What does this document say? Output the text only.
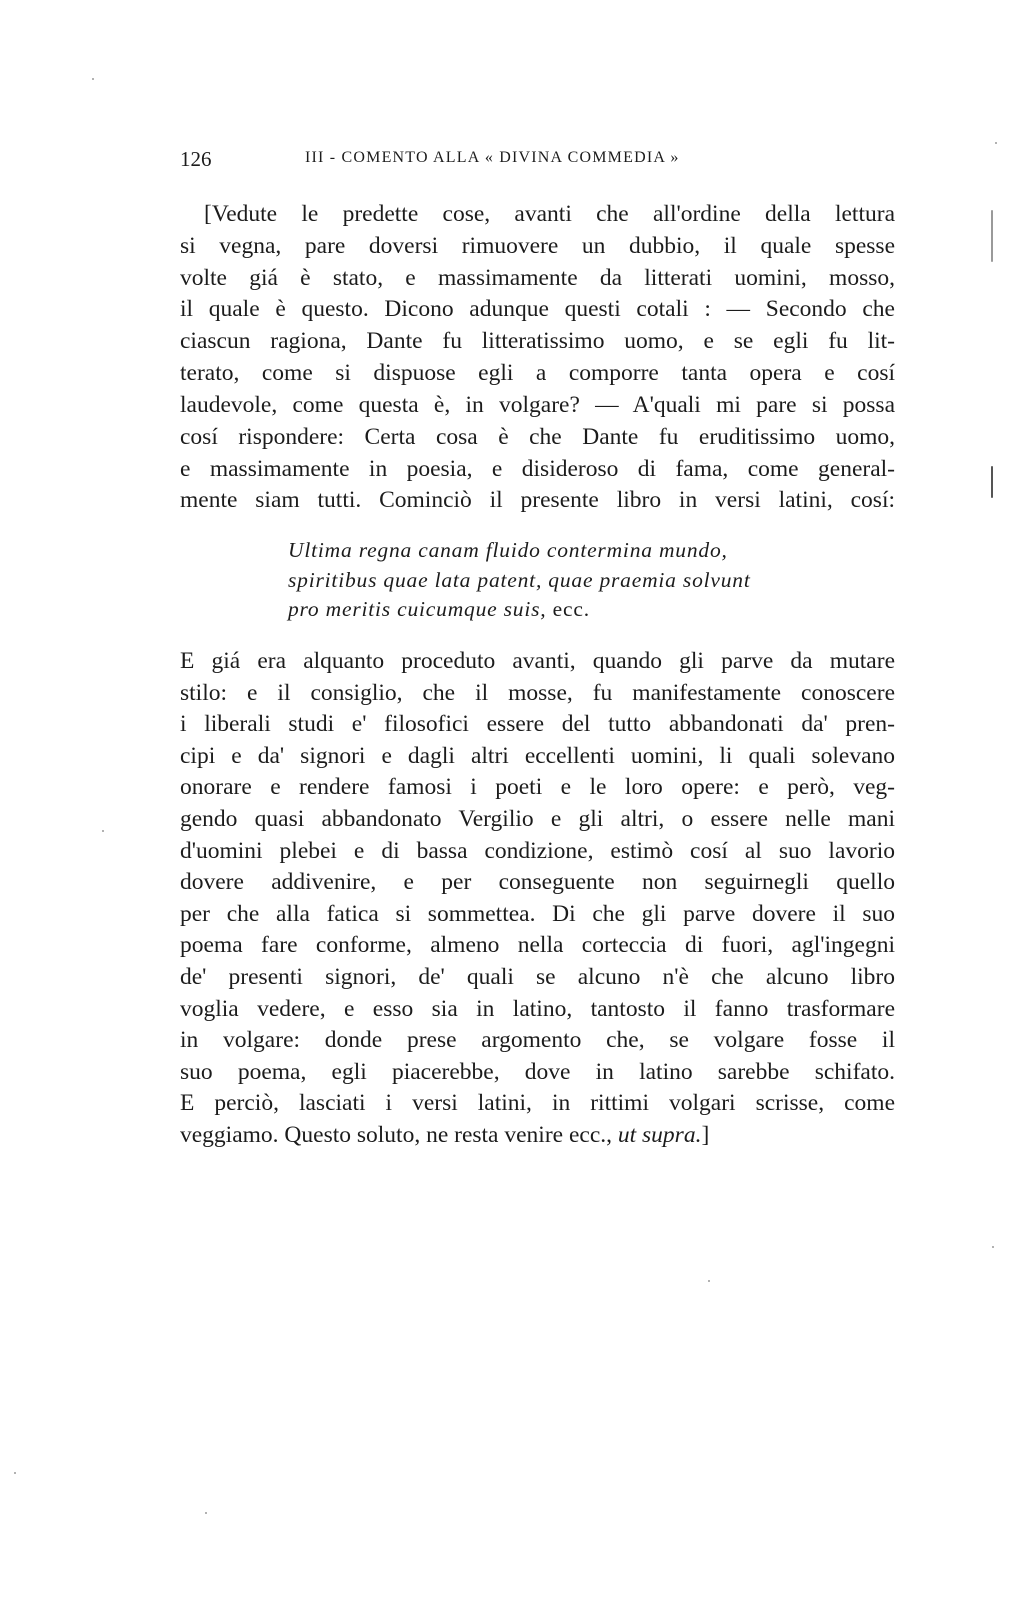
126	III - COMENTO ALLA « DIVINA COMMEDIA »
[Vedute le predette cose, avanti che all'ordine della lettura
si vegna, pare doversi rimuovere un dubbio, il quale spesse
volte giá è stato, e massimamente da litterati uomini, mosso,
il quale è questo. Dicono adunque questi cotali : — Secondo che
ciascun ragiona, Dante fu litteratissimo uomo, e se egli fu lit-
terato, come si dispuose egli a comporre tanta opera e cosí
laudevole, come questa è, in volgare? — A'quali mi pare si possa
cosí rispondere: Certa cosa è che Dante fu eruditissimo uomo,
e massimamente in poesia, e disideroso di fama, come general-
mente siam tutti. Cominciò il presente libro in versi latini, cosí:
Ultima regna canam fluido contermina mundo,
spiritibus quae lata patent, quae praemia solvunt
pro meritis cuicumque suis, ecc.
E giá era alquanto proceduto avanti, quando gli parve da mutare
stilo: e il consiglio, che il mosse, fu manifestamente conoscere
i liberali studi e' filosofici essere del tutto abbandonati da' pren-
cipi e da' signori e dagli altri eccellenti uomini, li quali solevano
onorare e rendere famosi i poeti e le loro opere: e però, veg-
gendo quasi abbandonato Vergilio e gli altri, o essere nelle mani
d'uomini plebei e di bassa condizione, estimò cosí al suo lavorio
dovere addivenire, e per conseguente non seguirnegli quello
per che alla fatica si sommettea. Di che gli parve dovere il suo
poema fare conforme, almeno nella corteccia di fuori, agl'ingegni
de' presenti signori, de' quali se alcuno n'è che alcuno libro
voglia vedere, e esso sia in latino, tantosto il fanno trasformare
in volgare: donde prese argomento che, se volgare fosse il
suo poema, egli piacerebbe, dove in latino sarebbe schifato.
E perciò, lasciati i versi latini, in rittimi volgari scrisse, come
veggiamo. Questo soluto, ne resta venire ecc., ut supra.]
